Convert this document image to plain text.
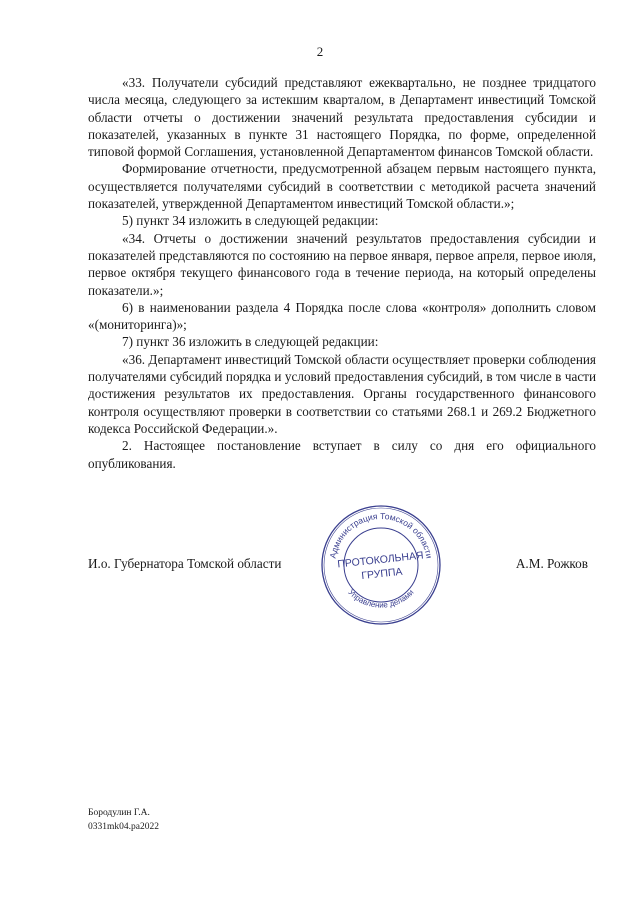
2

«33. Получатели субсидий представляют ежеквартально, не позднее тридцатого числа месяца, следующего за истекшим кварталом, в Департамент инвестиций Томской области отчеты о достижении значений результата предоставления субсидии и показателей, указанных в пункте 31 настоящего Порядка, по форме, определенной типовой формой Соглашения, установленной Департаментом финансов Томской области.

Формирование отчетности, предусмотренной абзацем первым настоящего пункта, осуществляется получателями субсидий в соответствии с методикой расчета значений показателей, утвержденной Департаментом инвестиций Томской области.»;

5) пункт 34 изложить в следующей редакции:

«34. Отчеты о достижении значений результатов предоставления субсидии и показателей представляются по состоянию на первое января, первое апреля, первое июля, первое октября текущего финансового года в течение периода, на который определены показатели.»;

6) в наименовании раздела 4 Порядка после слова «контроля» дополнить словом «(мониторинга)»;

7) пункт 36 изложить в следующей редакции:

«36. Департамент инвестиций Томской области осуществляет проверки соблюдения получателями субсидий порядка и условий предоставления субсидий, в том числе в части достижения результатов их предоставления. Органы государственного финансового контроля осуществляют проверки в соответствии со статьями 268.1 и 269.2 Бюджетного кодекса Российской Федерации.».

2. Настоящее постановление вступает в силу со дня его официального опубликования.

И.о. Губернатора Томской области	А.М. Рожков
Администрация Томской области
Управление делами
ПРОТОКОЛЬНАЯ
ГРУППА
Бородулин Г.А.
0331mk04.pa2022
